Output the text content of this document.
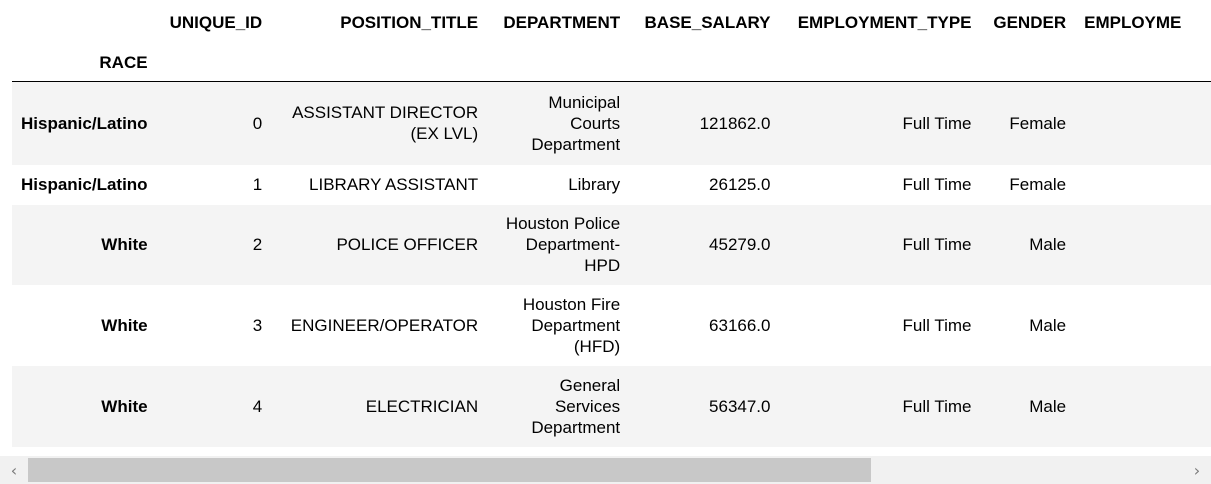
	UNIQUE_ID	POSITION_TITLE	DEPARTMENT	BASE_SALARY	EMPLOYMENT_TYPE	GENDER	EMPLOYME
RACE							
Hispanic/Latino	0	ASSISTANT DIRECTOR (EX LVL)	Municipal Courts Department	121862.0	Full Time	Female	
Hispanic/Latino	1	LIBRARY ASSISTANT	Library	26125.0	Full Time	Female	
White	2	POLICE OFFICER	Houston Police Department-HPD	45279.0	Full Time	Male	
White	3	ENGINEER/OPERATOR	Houston Fire Department (HFD)	63166.0	Full Time	Male	
White	4	ELECTRICIAN	General Services Department	56347.0	Full Time	Male	
‹	›
